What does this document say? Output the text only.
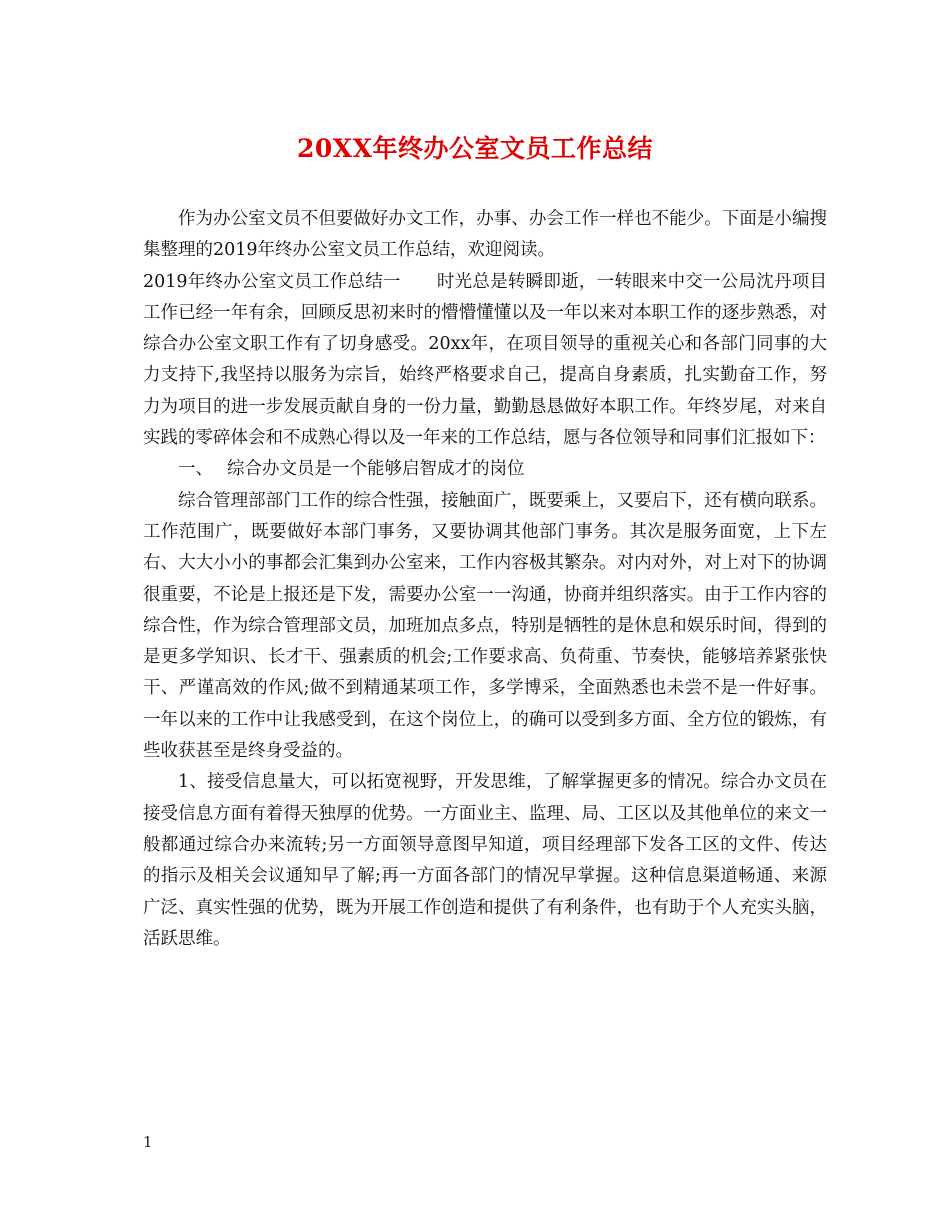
20XX年终办公室文员工作总结

作为办公室文员不但要做好办文工作，办事、办会工作一样也不能少。下面是小编搜集整理的2019年终办公室文员工作总结，欢迎阅读。

2019年终办公室文员工作总结一 时光总是转瞬即逝，一转眼来中交一公局沈丹项目工作已经一年有余，回顾反思初来时的懵懵懂懂以及一年以来对本职工作的逐步熟悉，对综合办公室文职工作有了切身感受。20xx年，在项目领导的重视关心和各部门同事的大力支持下,我坚持以服务为宗旨，始终严格要求自己，提高自身素质，扎实勤奋工作，努力为项目的进一步发展贡献自身的一份力量，勤勤恳恳做好本职工作。年终岁尾，对来自实践的零碎体会和不成熟心得以及一年来的工作总结，愿与各位领导和同事们汇报如下：

一、 综合办文员是一个能够启智成才的岗位

综合管理部部门工作的综合性强，接触面广，既要乘上，又要启下，还有横向联系。工作范围广，既要做好本部门事务，又要协调其他部门事务。其次是服务面宽，上下左右、大大小小的事都会汇集到办公室来，工作内容极其繁杂。对内对外，对上对下的协调很重要，不论是上报还是下发，需要办公室一一沟通，协商并组织落实。由于工作内容的综合性，作为综合管理部文员，加班加点多点，特别是牺牲的是休息和娱乐时间，得到的是更多学知识、长才干、强素质的机会;工作要求高、负荷重、节奏快，能够培养紧张快干、严谨高效的作风;做不到精通某项工作，多学博采，全面熟悉也未尝不是一件好事。一年以来的工作中让我感受到，在这个岗位上，的确可以受到多方面、全方位的锻炼，有些收获甚至是终身受益的。

1、接受信息量大，可以拓宽视野，开发思维，了解掌握更多的情况。综合办文员在接受信息方面有着得天独厚的优势。一方面业主、监理、局、工区以及其他单位的来文一般都通过综合办来流转;另一方面领导意图早知道，项目经理部下发各工区的文件、传达的指示及相关会议通知早了解;再一方面各部门的情况早掌握。这种信息渠道畅通、来源广泛、真实性强的优势，既为开展工作创造和提供了有利条件，也有助于个人充实头脑，活跃思维。

1
